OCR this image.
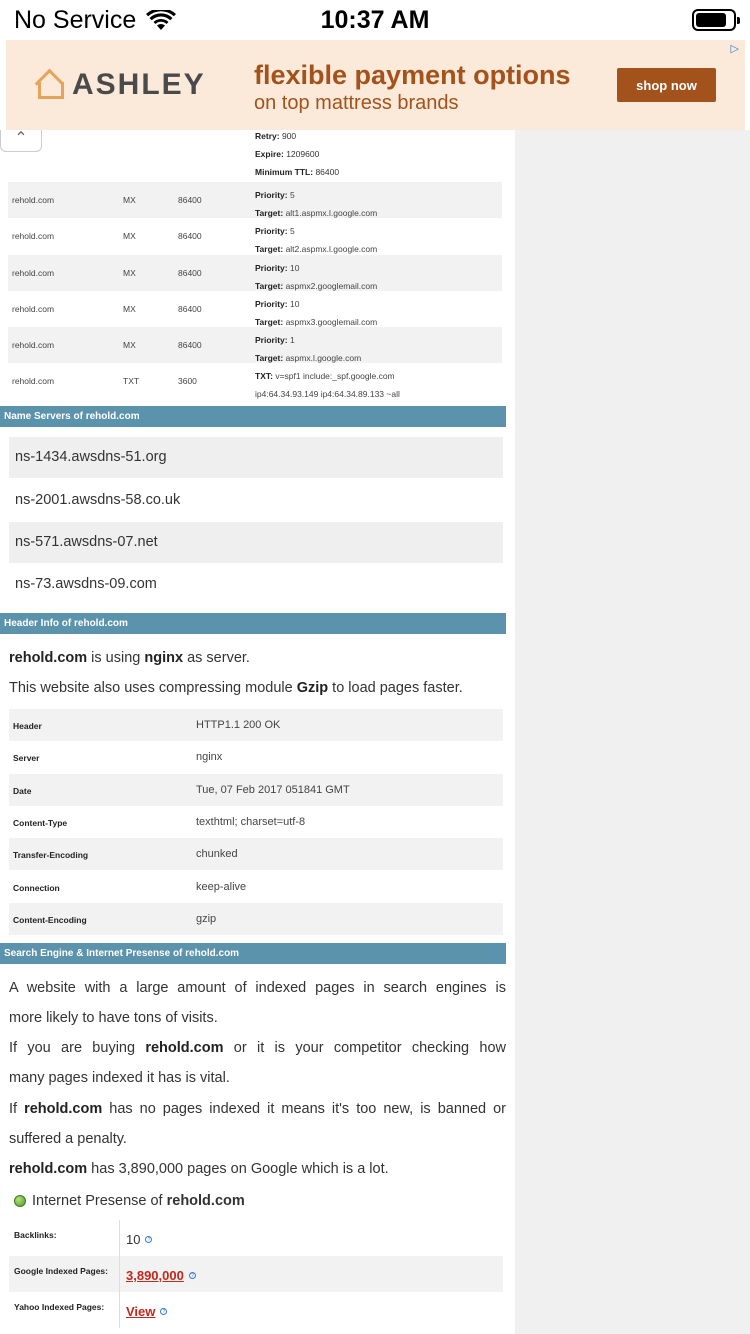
No Service	10:37 AM
▷
ASHLEY flexible payment options
on top mattress brands
shop now
⌃	Retry: 900
Expire: 1209600
Minimum TTL: 86400
rehold.com	MX	86400	Priority: 5
Target: alt1.aspmx.l.google.com
rehold.com	MX	86400	Priority: 5
Target: alt2.aspmx.l.google.com
rehold.com	MX	86400	Priority: 10
Target: aspmx2.googlemail.com
rehold.com	MX	86400	Priority: 10
Target: aspmx3.googlemail.com
rehold.com	MX	86400	Priority: 1
Target: aspmx.l.google.com
rehold.com	TXT	3600	TXT: v=spf1 include:_spf.google.com
ip4:64.34.93.149 ip4:64.34.89.133 ~all
Name Servers of rehold.com
ns-1434.awsdns-51.org
ns-2001.awsdns-58.co.uk
ns-571.awsdns-07.net
ns-73.awsdns-09.com
Header Info of rehold.com
rehold.com is using nginx as server.
This website also uses compressing module Gzip to load pages faster.
Header	HTTP1.1 200 OK
Server	nginx
Date	Tue, 07 Feb 2017 051841 GMT
Content-Type	texthtml; charset=utf-8
Transfer-Encoding	chunked
Connection	keep-alive
Content-Encoding	gzip
Search Engine & Internet Presense of rehold.com
A website with a large amount of indexed pages in search engines is
more likely to have tons of visits.
If you are buying rehold.com or it is your competitor checking how
many pages indexed it has is vital.
If rehold.com has no pages indexed it means it's too new, is banned or
suffered a penalty.
rehold.com has 3,890,000 pages on Google which is a lot.
Internet Presense of rehold.com
Backlinks:	10	?
Google Indexed Pages: 3,890,000	?
Yahoo Indexed Pages: View	?
